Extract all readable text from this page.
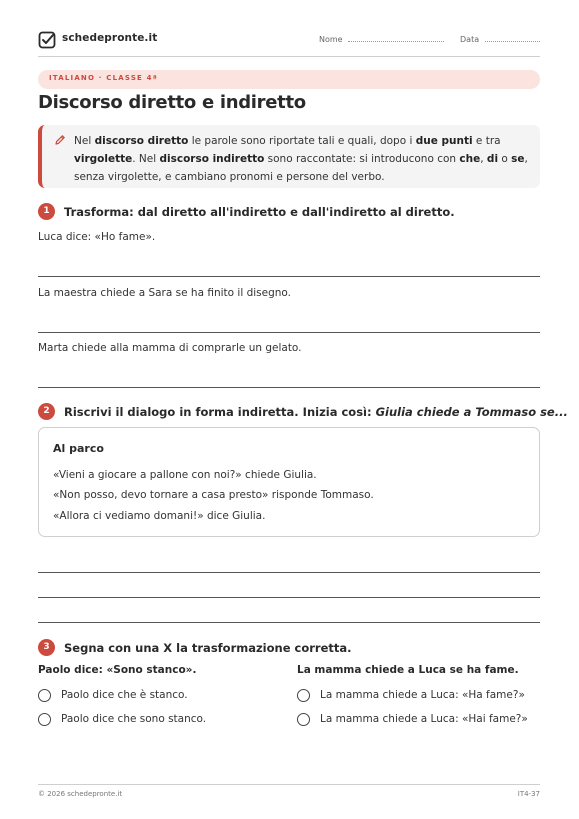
schedepronte.it	Nome	Data
ITALIANO · CLASSE 4ª
Discorso diretto e indiretto
Nel discorso diretto le parole sono riportate tali e quali, dopo i due punti e tra virgolette. Nel discorso indiretto sono raccontate: si introducono con che, di o se, senza virgolette, e cambiano pronomi e persone del verbo.
1	Trasforma: dal diretto all'indiretto e dall'indiretto al diretto.
Luca dice: «Ho fame».
La maestra chiede a Sara se ha finito il disegno.
Marta chiede alla mamma di comprarle un gelato.
2	Riscrivi il dialogo in forma indiretta. Inizia così: Giulia chiede a Tommaso se...
Al parco
«Vieni a giocare a pallone con noi?» chiede Giulia.
«Non posso, devo tornare a casa presto» risponde Tommaso.
«Allora ci vediamo domani!» dice Giulia.
3	Segna con una X la trasformazione corretta.
Paolo dice: «Sono stanco».
Paolo dice che è stanco.
Paolo dice che sono stanco.
La mamma chiede a Luca se ha fame.
La mamma chiede a Luca: «Ha fame?»
La mamma chiede a Luca: «Hai fame?»
© 2026 schedepronte.it	IT4-37
